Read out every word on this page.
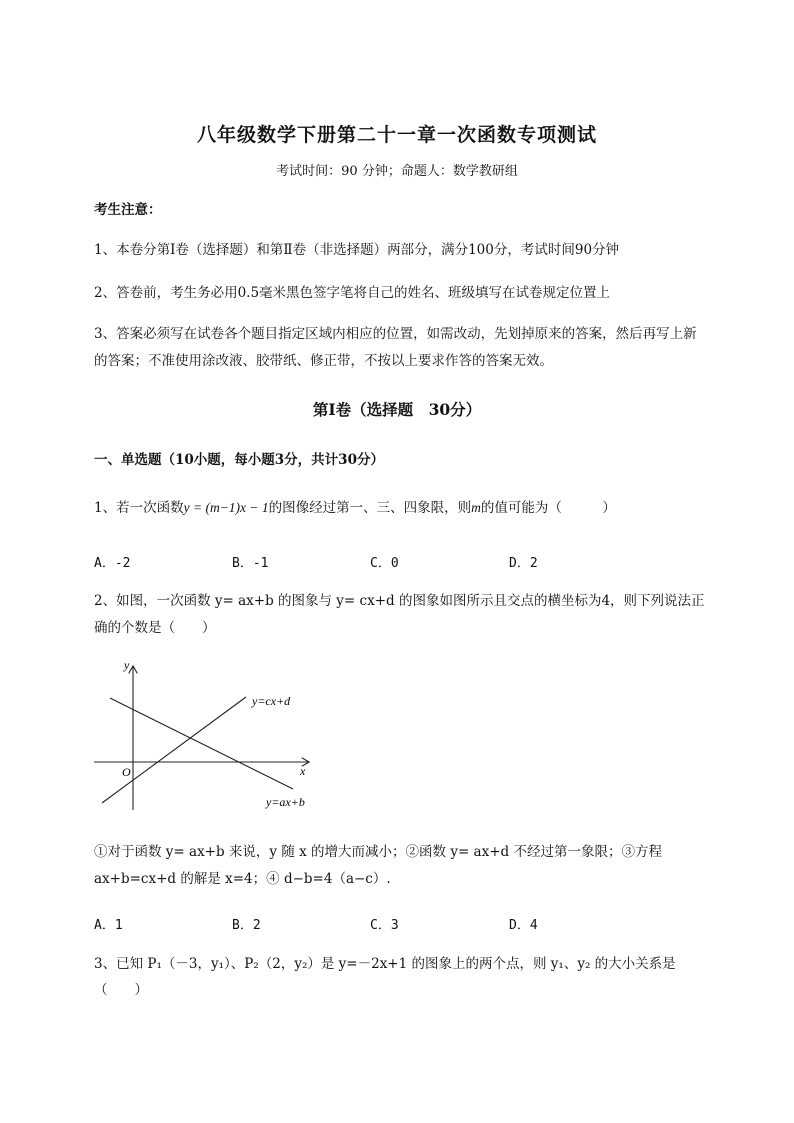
八年级数学下册第二十一章一次函数专项测试
考试时间：90 分钟；命题人：数学教研组
考生注意：
1、本卷分第Ⅰ卷（选择题）和第Ⅱ卷（非选择题）两部分，满分100分，考试时间90分钟
2、答卷前，考生务必用0.5毫米黑色签字笔将自己的姓名、班级填写在试卷规定位置上
3、答案必须写在试卷各个题目指定区域内相应的位置，如需改动，先划掉原来的答案，然后再写上新
的答案；不准使用涂改液、胶带纸、修正带，不按以上要求作答的答案无效。
第Ⅰ卷（选择题　30分）
一、单选题（10小题，每小题3分，共计30分）
1、若一次函数y = (m−1)x − 1的图像经过第一、三、四象限，则m的值可能为（　　　）
A．-2	B．-1	C．0	D．2
2、如图，一次函数 y= ax+b 的图象与 y= cx+d 的图象如图所示且交点的横坐标为4，则下列说法正
确的个数是（　　）
y
x
O
y=cx+d
y=ax+b
①对于函数 y= ax+b 来说，y 随 x 的增大而减小；②函数 y= ax+d 不经过第一象限；③方程
ax+b=cx+d 的解是 x=4；④ d−b=4（a−c）.
A．1	B．2	C．3	D．4
3、已知 P₁（－3，y₁）、P₂（2，y₂）是 y=－2x+1 的图象上的两个点，则 y₁、y₂ 的大小关系是
（　　）
